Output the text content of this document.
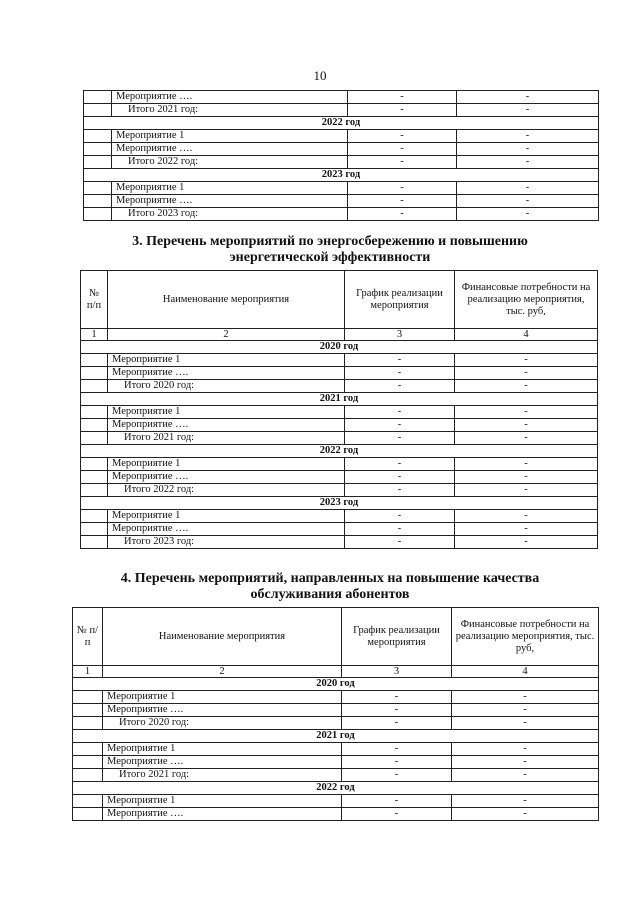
10
	Мероприятие ….	-	-
	Итого 2021 год:	-	-
2022 год			
	Мероприятие 1	-	-
	Мероприятие ….	-	-
	Итого 2022 год:	-	-
2023 год			
	Мероприятие 1	-	-
	Мероприятие ….	-	-
	Итого 2023 год:	-	-
3. Перечень мероприятий по энергосбережению и повышению
энергетической эффективности
№ п/п	Наименование мероприятия	График реализации мероприятия	Финансовые потребности на реализацию мероприятия, тыс. руб,
1	2	3	4
2020 год			
	Мероприятие 1	-	-
	Мероприятие ….	-	-
	Итого 2020 год:	-	-
2021 год			
	Мероприятие 1	-	-
	Мероприятие ….	-	-
	Итого 2021 год:	-	-
2022 год			
	Мероприятие 1	-	-
	Мероприятие ….	-	-
	Итого 2022 год:	-	-
2023 год			
	Мероприятие 1	-	-
	Мероприятие ….	-	-
	Итого 2023 год:	-	-
4. Перечень мероприятий, направленных на повышение качества
обслуживания абонентов
№ п/п	Наименование мероприятия	График реализации мероприятия	Финансовые потребности на реализацию мероприятия, тыс. руб,
1	2	3	4
2020 год			
	Мероприятие 1	-	-
	Мероприятие ….	-	-
	Итого 2020 год:	-	-
2021 год			
	Мероприятие 1	-	-
	Мероприятие ….	-	-
	Итого 2021 год:	-	-
2022 год			
	Мероприятие 1	-	-
	Мероприятие ….	-	-
